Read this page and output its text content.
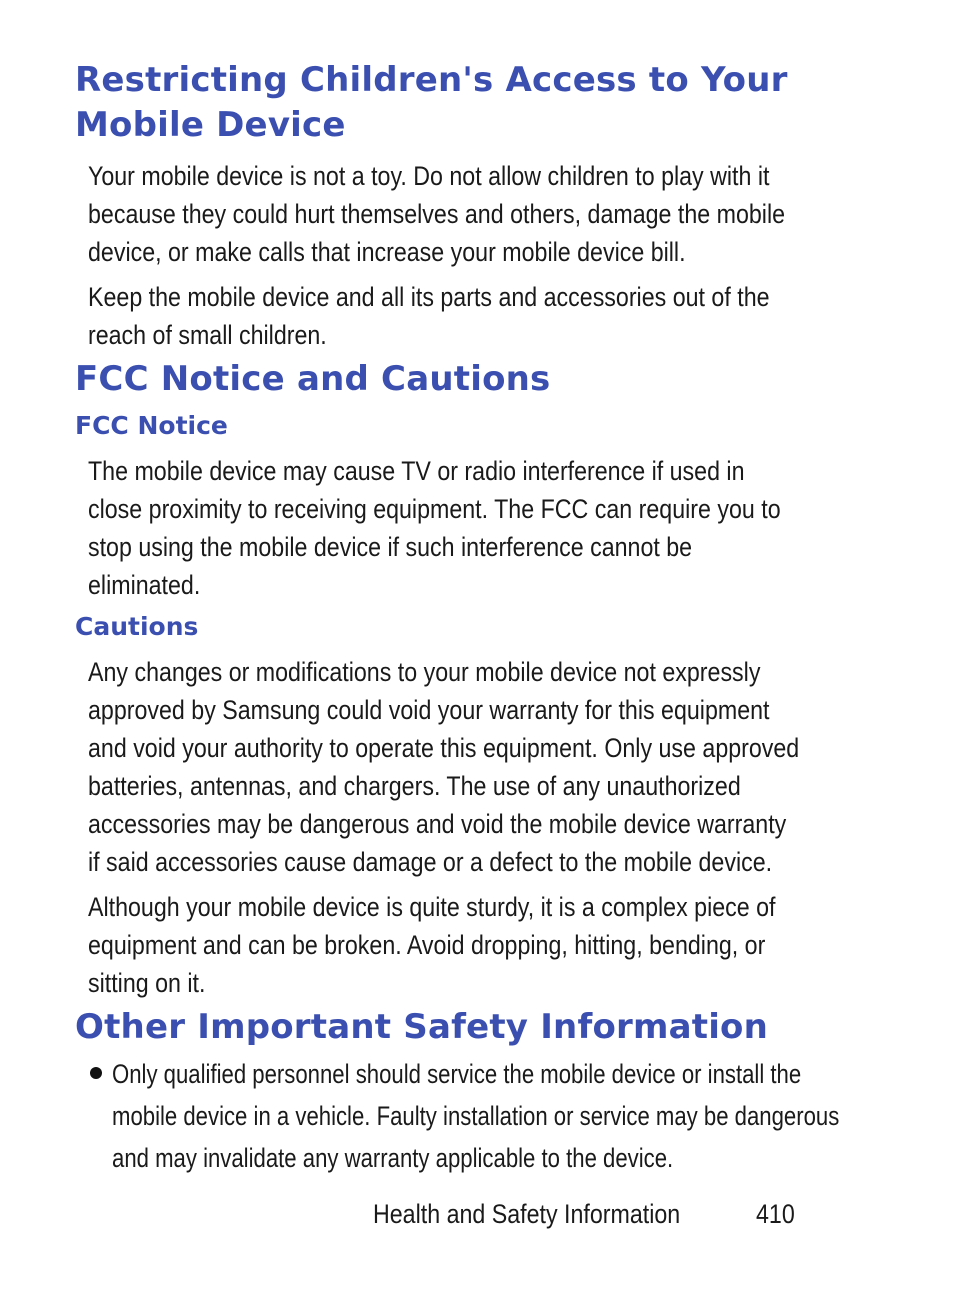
Restricting Children's Access to Your
Mobile Device
Your mobile device is not a toy. Do not allow children to play with it
because they could hurt themselves and others, damage the mobile
device, or make calls that increase your mobile device bill.
Keep the mobile device and all its parts and accessories out of the
reach of small children.
FCC Notice and Cautions
FCC Notice
The mobile device may cause TV or radio interference if used in
close proximity to receiving equipment. The FCC can require you to
stop using the mobile device if such interference cannot be
eliminated.
Cautions
Any changes or modifications to your mobile device not expressly
approved by Samsung could void your warranty for this equipment
and void your authority to operate this equipment. Only use approved
batteries, antennas, and chargers. The use of any unauthorized
accessories may be dangerous and void the mobile device warranty
if said accessories cause damage or a defect to the mobile device.
Although your mobile device is quite sturdy, it is a complex piece of
equipment and can be broken. Avoid dropping, hitting, bending, or
sitting on it.
Other Important Safety Information
Only qualified personnel should service the mobile device or install the
mobile device in a vehicle. Faulty installation or service may be dangerous
and may invalidate any warranty applicable to the device.
Health and Safety Information	410
